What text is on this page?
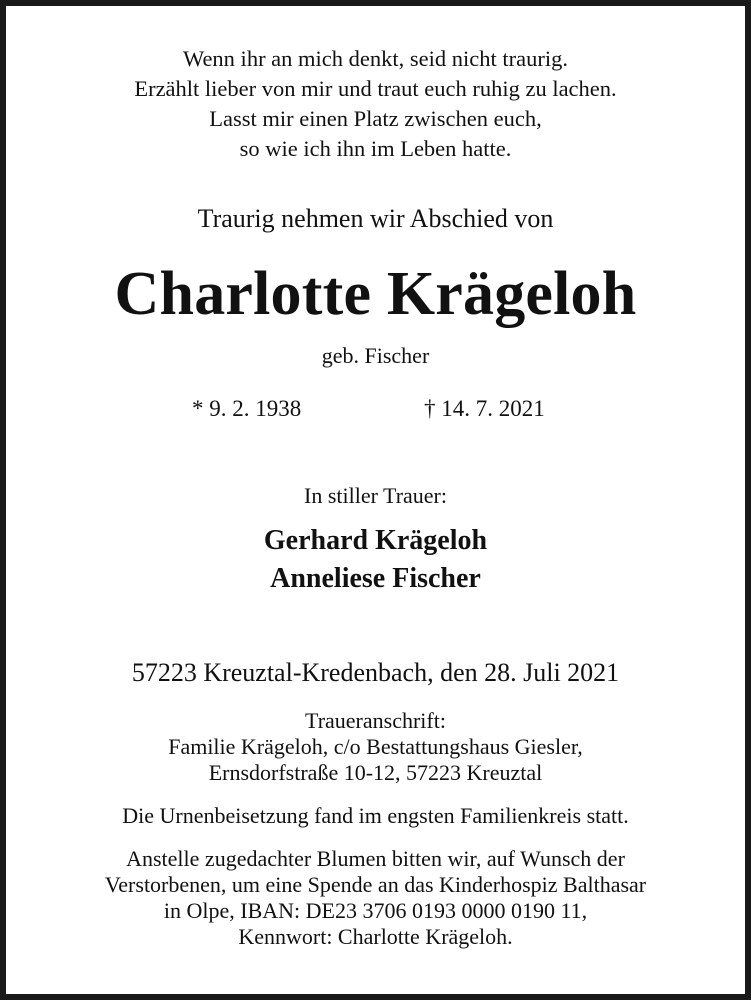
Wenn ihr an mich denkt, seid nicht traurig.
Erzählt lieber von mir und traut euch ruhig zu lachen.
Lasst mir einen Platz zwischen euch,
so wie ich ihn im Leben hatte.
Traurig nehmen wir Abschied von
Charlotte Krägeloh
geb. Fischer
* 9. 2. 1938	† 14. 7. 2021
In stiller Trauer:
Gerhard Krägeloh
Anneliese Fischer
57223 Kreuztal-Kredenbach, den 28. Juli 2021
Traueranschrift:
Familie Krägeloh, c/o Bestattungshaus Giesler,
Ernsdorfstraße 10-12, 57223 Kreuztal
Die Urnenbeisetzung fand im engsten Familienkreis statt.
Anstelle zugedachter Blumen bitten wir, auf Wunsch der
Verstorbenen, um eine Spende an das Kinderhospiz Balthasar
in Olpe, IBAN: DE23 3706 0193 0000 0190 11,
Kennwort: Charlotte Krägeloh.
